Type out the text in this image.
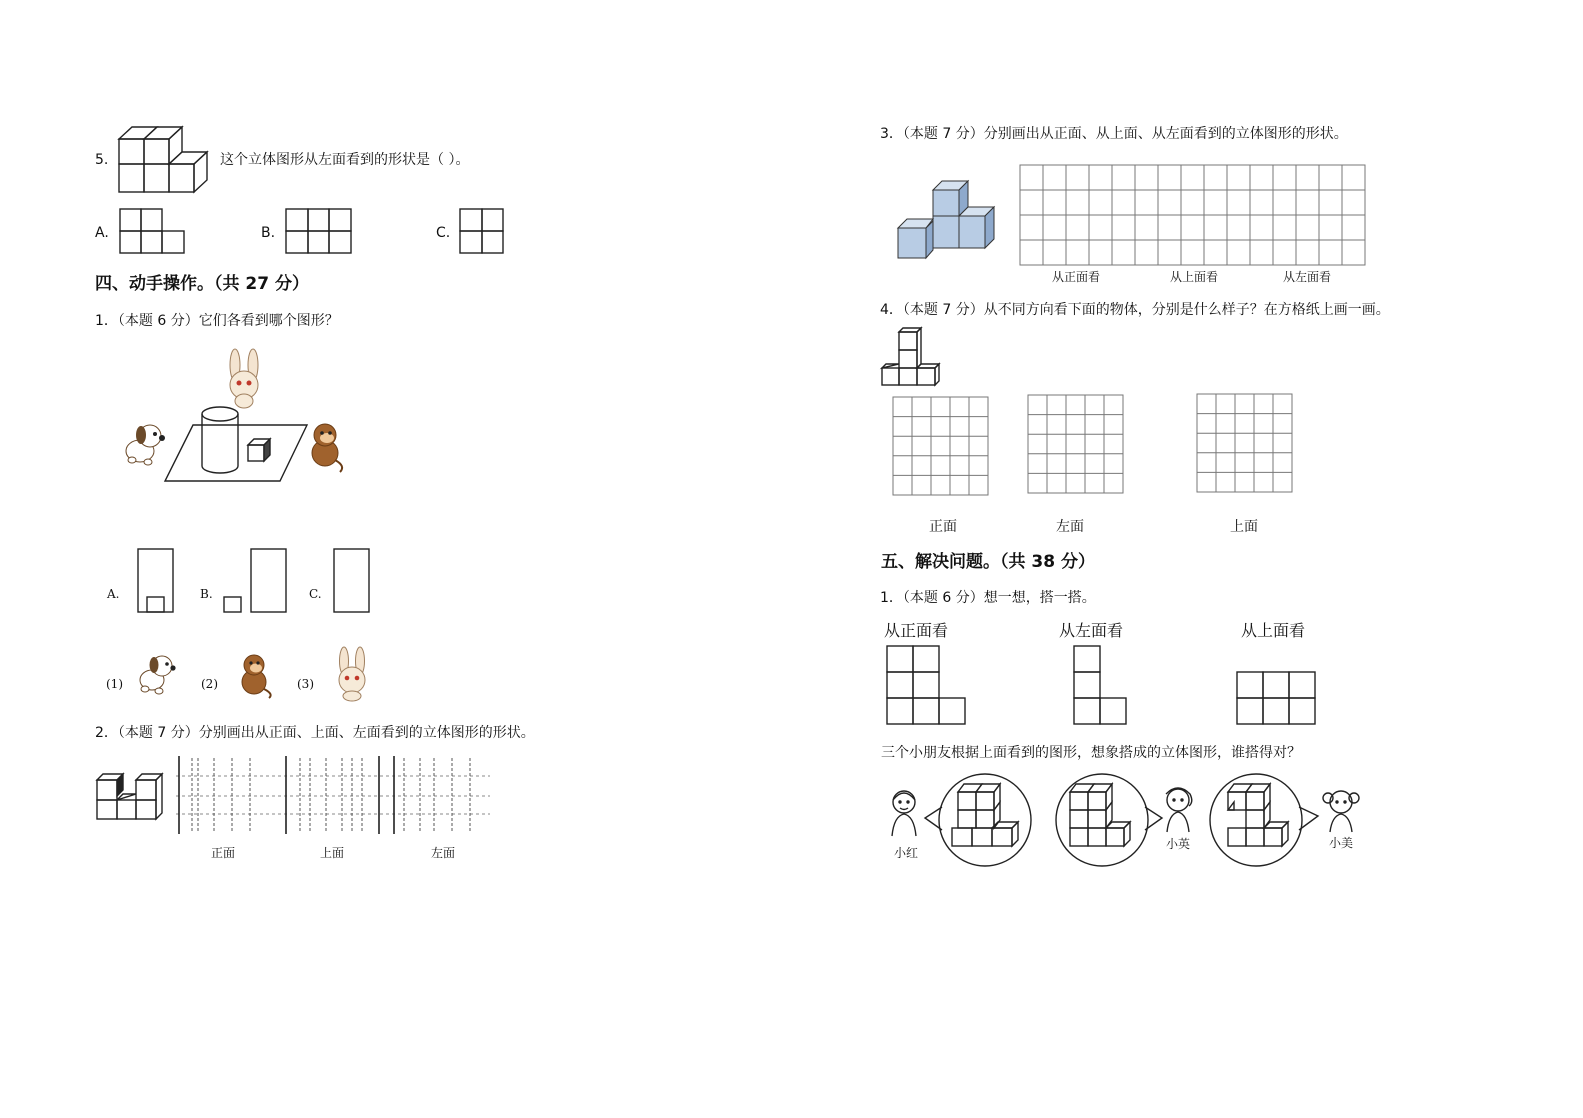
5.	这个立体图形从左面看到的形状是（ ）。
A.	B.	C.
四、动手操作。（共 27 分）
1．（本题 6 分）它们各看到哪个图形？
A.	B.	C.
(1)	(2)	(3)
2．（本题 7 分）分别画出从正面、上面、左面看到的立体图形的形状。
正面	上面	左面
3．（本题 7 分）分别画出从正面、从上面、从左面看到的立体图形的形状。
从正面看	从上面看	从左面看
4．（本题 7 分）从不同方向看下面的物体，分别是什么样子？在方格纸上画一画。
正面	左面	上面
五、解决问题。（共 38 分）
1．（本题 6 分）想一想，搭一搭。
从正面看	从左面看	从上面看
三个小朋友根据上面看到的图形，想象搭成的立体图形，谁搭得对？
小红
小英	小美
